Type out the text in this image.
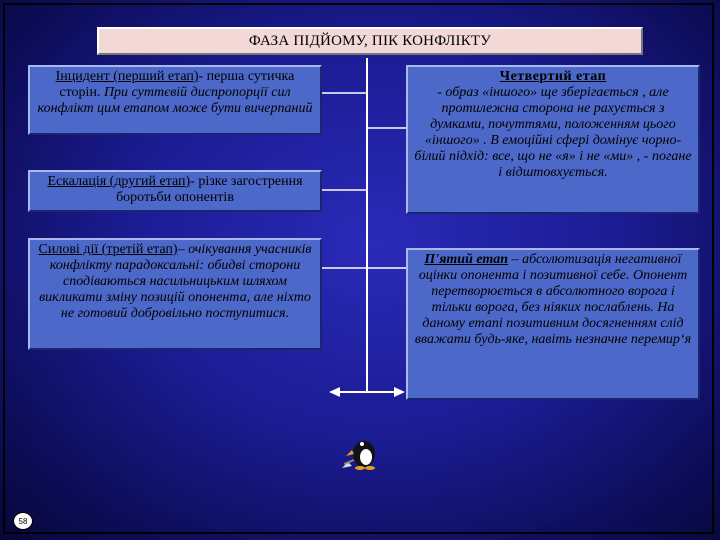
ФАЗА ПІДЙОМУ, ПІК КОНФЛІКТУ
Інцидент (перший етап)- перша сутичка сторін. При суттєвій диспропорції сил конфлікт цим етапом може бути вичерпаний
Ескалація (другий етап)- різке загострення боротьби опонентів
Силові дії (третій етап)– очікування учасників конфлікту парадоксальні: обидві сторони сподіваються насильницьким шляхом викликати зміну позицій опонента, але ніхто не готовий добровільно поступитися.
Четвертий етап
- образ «іншого» ще зберігається , але протилежна сторона не рахується з думками, почуттями, положенням цього «іншого» . В емоційні сфері домінує чорно-білий підхід: все, що не «я» і не «ми» , - погане і відштовхується.
П'ятий етап – абсолютизація негативної оцінки опонента і позитивної себе. Опонент перетворюється в абсолютного ворога і тільки ворога, без ніяких послаблень. На даному етапі позитивним досягненням слід вважати будь-яке, навіть незначне перемир‘я
58
